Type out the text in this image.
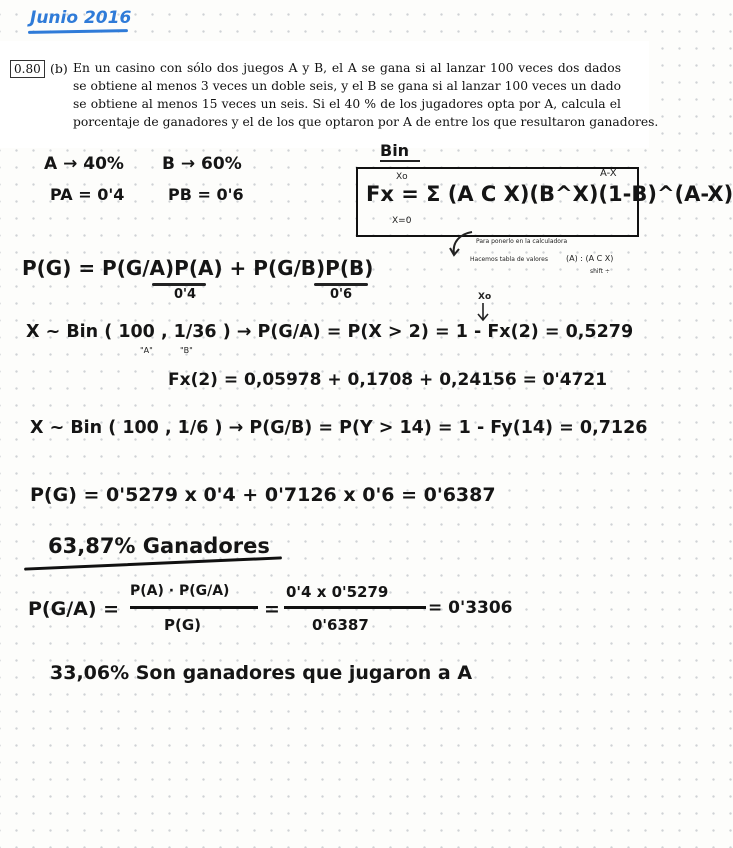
Junio 2016
0.80 (b) En un casino con sólo dos juegos A y B, el A se gana si al lanzar 100 veces dos dados
se obtiene al menos 3 veces un doble seis, y el B se gana si al lanzar 100 veces un dado
se obtiene al menos 15 veces un seis. Si el 40 % de los jugadores opta por A, calcula el
porcentaje de ganadores y el de los que optaron por A de entre los que resultaron ganadores.
A → 40% B → 60%
PA = 0'4	PB = 0'6
Bin
Fx = Σ (A C X)(B^X)(1-B)^(A-X)
X=0
Xo	A-X
Para ponerlo en la calculadora
Hacemos tabla de valores (A) : (A C X)
shift ÷
P(G) = P(G/A)P(A) + P(G/B)P(B)
0'4	0'6	Xo
X ~ Bin ( 100 , 1/36 ) → P(G/A) = P(X > 2) = 1 - Fx(2) = 0,5279
"A"	"B"
Fx(2) = 0,05978 + 0,1708 + 0,24156 = 0'4721
X ~ Bin ( 100 , 1/6 ) → P(G/B) = P(Y > 14) = 1 - Fy(14) = 0,7126
P(G) = 0'5279 x 0'4 + 0'7126 x 0'6 = 0'6387
63,87% Ganadores
P(G/A) =
P(A) · P(G/A)
P(G)
=
0'4 x 0'5279
0'6387
= 0'3306
33,06% Son ganadores que jugaron a A
